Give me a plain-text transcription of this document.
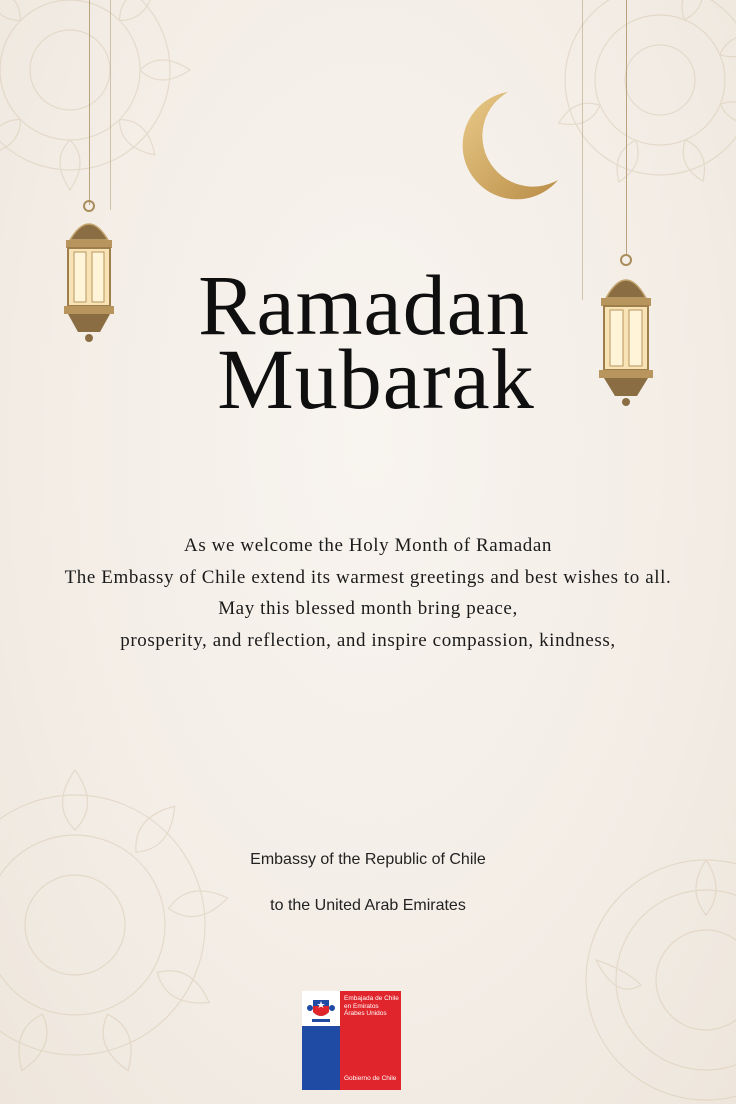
Ramadan
Mubarak
As we welcome the Holy Month of Ramadan
The Embassy of Chile extend its warmest greetings and best wishes to all.
May this blessed month bring peace,
prosperity, and reflection, and inspire compassion, kindness,
Embassy of the Republic of Chile
to the United Arab Emirates
Embajada de Chile en Emiratos Árabes Unidos
Gobierno de Chile
